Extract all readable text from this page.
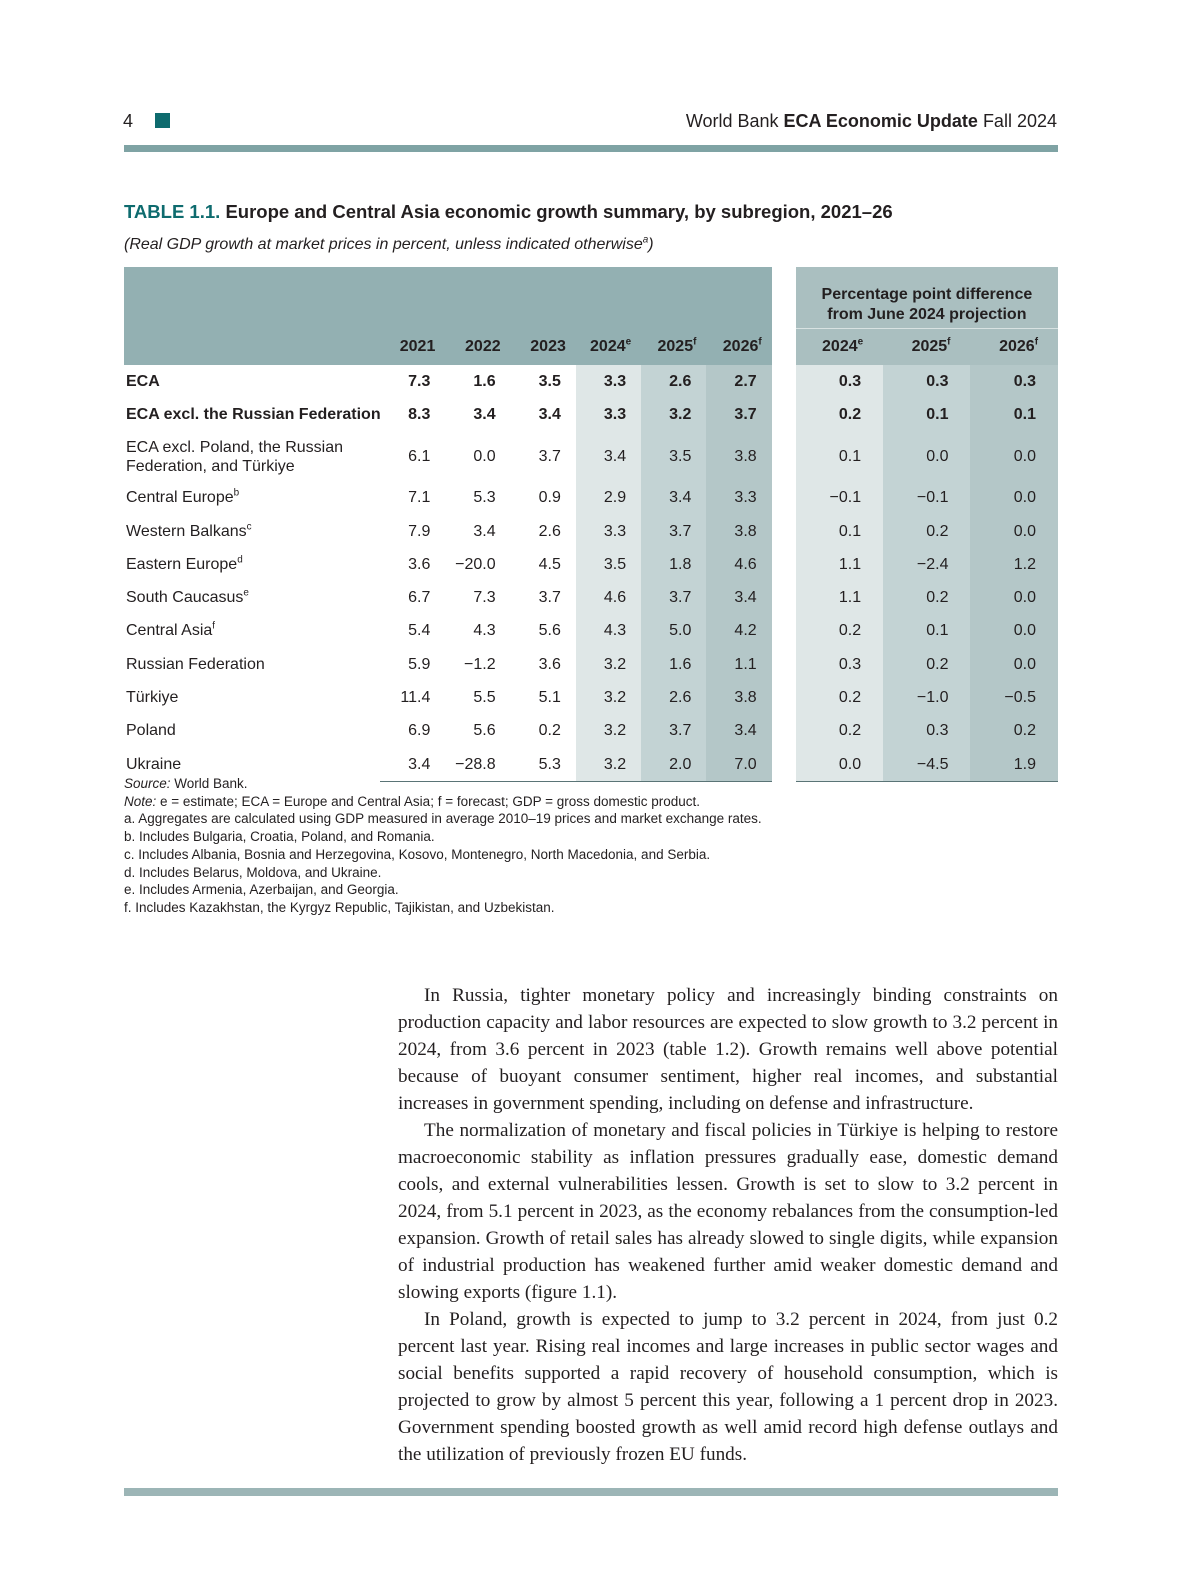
4	World Bank ECA Economic Update Fall 2024
TABLE 1.1. Europe and Central Asia economic growth summary, by subregion, 2021–26
(Real GDP growth at market prices in percent, unless indicated otherwise$^a$)

								Percentage point difference
from June 2024 projection		

	2021	2022	2023	2024e	2025$^f$	2026$^f$		2024e	2025$^f$	2026$^f$
ECA	7.3	1.6	3.5	3.3	2.6	2.7		0.3	0.3	0.3
ECA excl. the Russian Federation	8.3	3.4	3.4	3.3	3.2	3.7		0.2	0.1	0.1
ECA excl. Poland, the Russian
Federation, and Türkiye	6.1	0.0	3.7	3.4	3.5	3.8		0.1	0.0	0.0
Central Europe$^b$	7.1	5.3	0.9	2.9	3.4	3.3		−0.1	−0.1	0.0
Western Balkans$^c$	7.9	3.4	2.6	3.3	3.7	3.8		0.1	0.2	0.0
Eastern Europe$^d$	3.6	−20.0	4.5	3.5	1.8	4.6		1.1	−2.4	1.2
South Caucasus$^e$	6.7	7.3	3.7	4.6	3.7	3.4		1.1	0.2	0.0
Central Asia$^f$	5.4	4.3	5.6	4.3	5.0	4.2		0.2	0.1	0.0
Russian Federation	5.9	−1.2	3.6	3.2	1.6	1.1		0.3	0.2	0.0
Türkiye	11.4	5.5	5.1	3.2	2.6	3.8		0.2	−1.0	−0.5
Poland	6.9	5.6	0.2	3.2	3.7	3.4		0.2	0.3	0.2
Ukraine	3.4	−28.8	5.3	3.2	2.0	7.0		0.0	−4.5	1.9
Source: World Bank.
Note: e = estimate; ECA = Europe and Central Asia; f = forecast; GDP = gross domestic product.
a. Aggregates are calculated using GDP measured in average 2010–19 prices and market exchange rates.
b. Includes Bulgaria, Croatia, Poland, and Romania.
c. Includes Albania, Bosnia and Herzegovina, Kosovo, Montenegro, North Macedonia, and Serbia.
d. Includes Belarus, Moldova, and Ukraine.
e. Includes Armenia, Azerbaijan, and Georgia.
f. Includes Kazakhstan, the Kyrgyz Republic, Tajikistan, and Uzbekistan.

In Russia, tighter monetary policy and increasingly binding constraints on production capacity and labor resources are expected to slow growth to 3.2 percent in 2024, from 3.6 percent in 2023 (table 1.2). Growth remains well above potential because of buoyant consumer sentiment, higher real incomes, and substantial increases in government spending, including on defense and infrastructure.

The normalization of monetary and fiscal policies in Türkiye is helping to restore macroeconomic stability as inflation pressures gradually ease, domestic demand cools, and external vulnerabilities lessen. Growth is set to slow to 3.2 percent in 2024, from 5.1 percent in 2023, as the economy rebalances from the consumption-led expansion. Growth of retail sales has already slowed to single digits, while expansion of industrial production has weakened further amid weaker domestic demand and slowing exports (figure 1.1).

In Poland, growth is expected to jump to 3.2 percent in 2024, from just 0.2 percent last year. Rising real incomes and large increases in public sector wages and social benefits supported a rapid recovery of household consumption, which is projected to grow by almost 5 percent this year, following a 1 percent drop in 2023. Government spending boosted growth as well amid record high defense outlays and the utilization of previously frozen EU funds.
